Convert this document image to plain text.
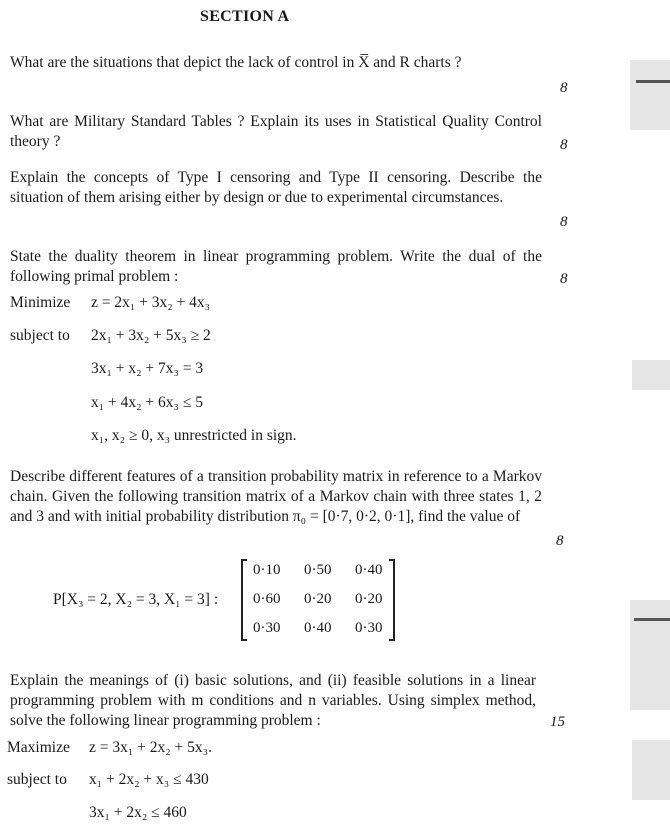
SECTION A
What are the situations that depict the lack of control in X̅ and R charts ?
8
What are Military Standard Tables ? Explain its uses in Statistical Quality Control theory ?	8
Explain the concepts of Type I censoring and Type II censoring. Describe the situation of them arising either by design or due to experimental circumstances.
8
State the duality theorem in linear programming problem. Write the dual of the following primal problem :	8
Minimize z = 2x₁ + 3x₂ + 4x₃
subject to 2x₁ + 3x₂ + 5x₃ ≥ 2
3x₁ + x₂ + 7x₃ = 3
x₁ + 4x₂ + 6x₃ ≤ 5
x₁, x₂ ≥ 0, x₃ unrestricted in sign.
Describe different features of a transition probability matrix in reference to a Markov chain. Given the following transition matrix of a Markov chain with three states 1, 2 and 3 and with initial probability distribution π₀ = [0·7, 0·2, 0·1], find the value of
8
P[X₃ = 2, X₂ = 3, X₁ = 3] :
0·10 0·50 0·40
0·60 0·20 0·20
0·30 0·40 0·30
Explain the meanings of (i) basic solutions, and (ii) feasible solutions in a linear programming problem with m conditions and n variables. Using simplex method, solve the following linear programming problem :	15
Maximize z = 3x₁ + 2x₂ + 5x₃.
subject to x₁ + 2x₂ + x₃ ≤ 430
3x₁ + 2x₂ ≤ 460
